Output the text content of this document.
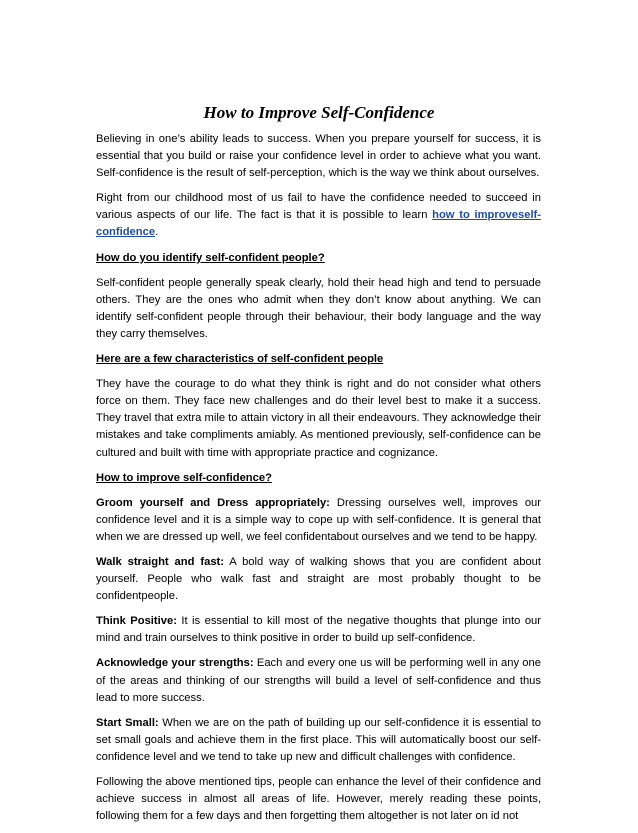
How to Improve Self-Confidence

Believing in one’s ability leads to success. When you prepare yourself for success, it is essential that you build or raise your confidence level in order to achieve what you want. Self-confidence is the result of self-perception, which is the way we think about ourselves.

Right from our childhood most of us fail to have the confidence needed to succeed in various aspects of our life. The fact is that it is possible to learn how to improveself-confidence.

How do you identify self-confident people?

Self-confident people generally speak clearly, hold their head high and tend to persuade others. They are the ones who admit when they don’t know about anything. We can identify self-confident people through their behaviour, their body language and the way they carry themselves.

Here are a few characteristics of self-confident people

They have the courage to do what they think is right and do not consider what others force on them. They face new challenges and do their level best to make it a success. They travel that extra mile to attain victory in all their endeavours. They acknowledge their mistakes and take compliments amiably. As mentioned previously, self-confidence can be cultured and built with time with appropriate practice and cognizance.

How to improve self-confidence?

Groom yourself and Dress appropriately: Dressing ourselves well, improves our confidence level and it is a simple way to cope up with self-confidence. It is general that when we are dressed up well, we feel confidentabout ourselves and we tend to be happy.

Walk straight and fast: A bold way of walking shows that you are confident about yourself. People who walk fast and straight are most probably thought to be confidentpeople.

Think Positive: It is essential to kill most of the negative thoughts that plunge into our mind and train ourselves to think positive in order to build up self-confidence.

Acknowledge your strengths: Each and every one us will be performing well in any one of the areas and thinking of our strengths will build a level of self-confidence and thus lead to more success.

Start Small: When we are on the path of building up our self-confidence it is essential to set small goals and achieve them in the first place. This will automatically boost our self-confidence level and we tend to take up new and difficult challenges with confidence.

Following the above mentioned tips, people can enhance the level of their confidence and achieve success in almost all areas of life. However, merely reading these points, following them for a few days and then forgetting them altogether is not later on id not
